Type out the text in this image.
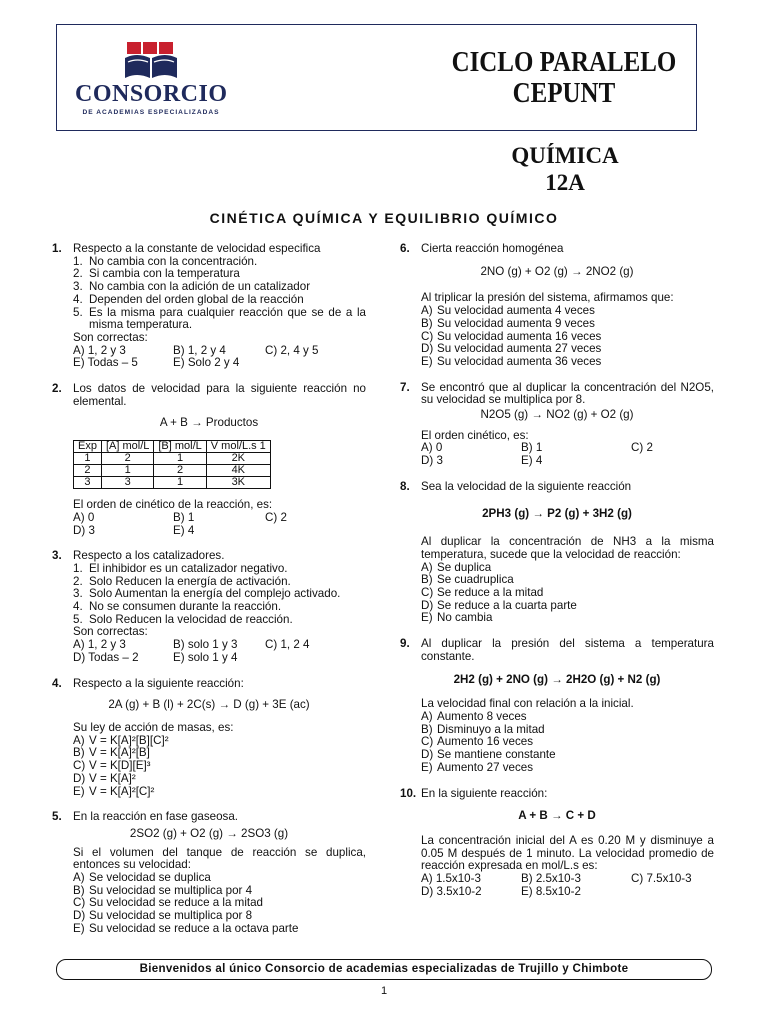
CONSORCIO
DE ACADEMIAS ESPECIALIZADAS
CICLO PARALELO
CEPUNT
QUÍMICA
12A
CINÉTICA QUÍMICA Y EQUILIBRIO QUÍMICO
1. Respecto a la constante de velocidad especifica
1. No cambia con la concentración.
2. Si cambia con la temperatura
3. No cambia con la adición de un catalizador
4. Dependen del orden global de la reacción
5. Es la misma para cualquier reacción que se de a la misma temperatura.
Son correctas:
A) 1, 2 y 3	B) 1, 2 y 4	C) 2, 4 y 5
E) Todas – 5	E) Solo 2 y 4
2. Los datos de velocidad para la siguiente reacción no elemental.
A + B → Productos
Exp	[A] mol/L	[B] mol/L	V mol/L.s 1
1	2	1	2K
2	1	2	4K
3	3	1	3K
El orden de cinético de la reacción, es:
A) 0	B) 1	C) 2
D) 3	E) 4
3. Respecto a los catalizadores.
1. El inhibidor es un catalizador negativo.
2. Solo Reducen la energía de activación.
3. Solo Aumentan la energía del complejo activado.
4. No se consumen durante la reacción.
5. Solo Reducen la velocidad de reacción.
Son correctas:
A) 1, 2 y 3	B) solo 1 y 3	C) 1, 2 4
D) Todas – 2	E) solo 1 y 4
4. Respecto a la siguiente reacción:
2A (g) + B (l) + 2C(s) → D (g) + 3E (ac)
Su ley de acción de masas, es:
A) V = K[A]²[B][C]²
B) V = K[A]²[B]
C) V = K[D][E]³
D) V = K[A]²
E) V = K[A]²[C]²
5. En la reacción en fase gaseosa.
2SO2 (g) + O2 (g) → 2SO3 (g)
Si el volumen del tanque de reacción se duplica, entonces su velocidad:
A) Se velocidad se duplica
B) Su velocidad se multiplica por 4
C) Su velocidad se reduce a la mitad
D) Su velocidad se multiplica por 8
E) Su velocidad se reduce a la octava parte
6. Cierta reacción homogénea
2NO (g) + O2 (g) → 2NO2 (g)
Al triplicar la presión del sistema, afirmamos que:
A) Su velocidad aumenta 4 veces
B) Su velocidad aumenta 9 veces
C) Su velocidad aumenta 16 veces
D) Su velocidad aumenta 27 veces
E) Su velocidad aumenta 36 veces
7. Se encontró que al duplicar la concentración del N2O5, su velocidad se multiplica por 8.
N2O5 (g) → NO2 (g) + O2 (g)
El orden cinético, es:
A) 0	B) 1	C) 2
D) 3	E) 4
8. Sea la velocidad de la siguiente reacción
2PH3 (g) → P2 (g) + 3H2 (g)
Al duplicar la concentración de NH3 a la misma temperatura, sucede que la velocidad de reacción:
A) Se duplica
B) Se cuadruplica
C) Se reduce a la mitad
D) Se reduce a la cuarta parte
E) No cambia
9. Al duplicar la presión del sistema a temperatura constante.
2H2 (g) + 2NO (g) → 2H2O (g) + N2 (g)
La velocidad final con relación a la inicial.
A) Aumento 8 veces
B) Disminuyo a la mitad
C) Aumento 16 veces
D) Se mantiene constante
E) Aumento 27 veces
10. En la siguiente reacción:
A + B → C + D
La concentración inicial del A es 0.20 M y disminuye a 0.05 M después de 1 minuto. La velocidad promedio de reacción expresada en mol/L.s es:
A) 1.5x10-3	B) 2.5x10-3	C) 7.5x10-3
D) 3.5x10-2	E) 8.5x10-2
Bienvenidos al único Consorcio de academias especializadas de Trujillo y Chimbote
1
